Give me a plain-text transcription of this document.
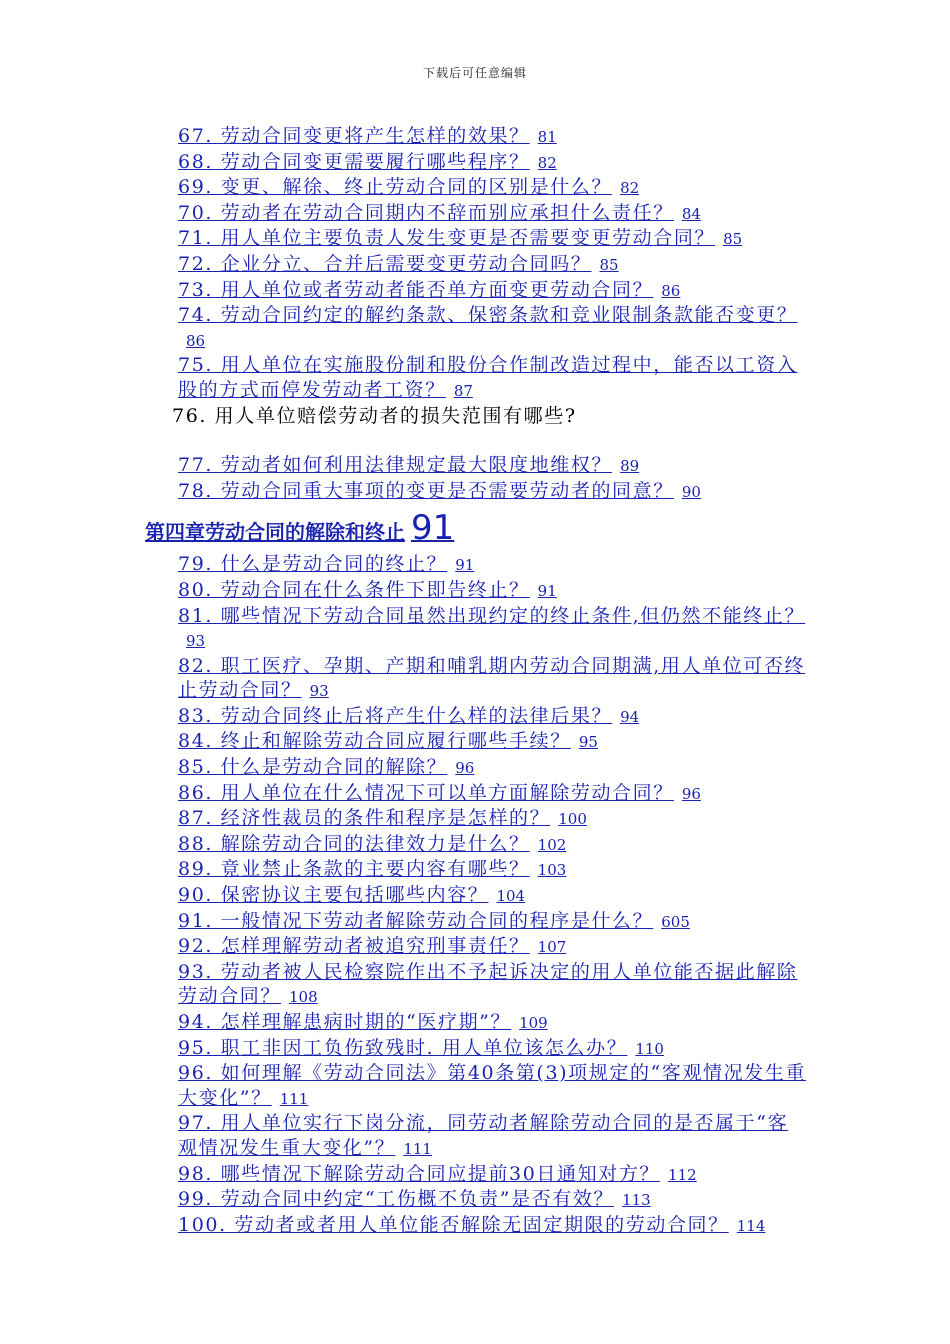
下载后可任意编辑
67. 劳动合同变更将产生怎样的效果？ 81
68. 劳动合同变更需要履行哪些程序？ 82
69. 变更、解徐、终止劳动合同的区别是什么？ 82
70. 劳动者在劳动合同期内不辞而别应承担什么责任？ 84
71. 用人单位主要负责人发生变更是否需要变更劳动合同？ 85
72. 企业分立、合并后需要变更劳动合同吗？ 85
73. 用人单位或者劳动者能否单方面变更劳动合同？ 86
74. 劳动合同约定的解约条款、保密条款和竞业限制条款能否变更？86
75. 用人单位在实施股份制和股份合作制改造过程中，能否以工资入股的方式而停发劳动者工资？ 87
76. 用人单位赔偿劳动者的损失范围有哪些?
77. 劳动者如何利用法律规定最大限度地维权？ 89
78. 劳动合同重大事项的变更是否需要劳动者的同意？ 90
第四章劳动合同的解除和终止 91
79. 什么是劳动合同的终止？ 91
80. 劳动合同在什么条件下即告终止？ 91
81. 哪些情况下劳动合同虽然出现约定的终止条件,但仍然不能终止？93
82. 职工医疗、孕期、产期和哺乳期内劳动合同期满,用人单位可否终止劳动合同？ 93
83. 劳动合同终止后将产生什么样的法律后果？ 94
84. 终止和解除劳动合同应履行哪些手续？ 95
85. 什么是劳动合同的解除？ 96
86. 用人单位在什么情况下可以单方面解除劳动合同？ 96
87. 经济性裁员的条件和程序是怎样的？ 100
88. 解除劳动合同的法律效力是什么？ 102
89. 竟业禁止条款的主要内容有哪些？ 103
90. 保密协议主要包括哪些内容？ 104
91. 一般情况下劳动者解除劳动合同的程序是什么？ 605
92. 怎样理解劳动者被追究刑事责任？ 107
93. 劳动者被人民检察院作出不予起诉决定的用人单位能否据此解除劳动合同？ 108
94. 怎样理解患病时期的“医疗期”？ 109
95. 职工非因工负伤致残时. 用人单位该怎么办？ 110
96. 如何理解《劳动合同法》第40条第(3)项规定的“客观情况发生重大变化”？ 111
97. 用人单位实行下岗分流，同劳动者解除劳动合同的是否属于“客观情况发生重大变化”？ 111
98. 哪些情况下解除劳动合同应提前30日通知对方？ 112
99. 劳动合同中约定“工伤概不负责”是否有效？ 113
100. 劳动者或者用人单位能否解除无固定期限的劳动合同？ 114
